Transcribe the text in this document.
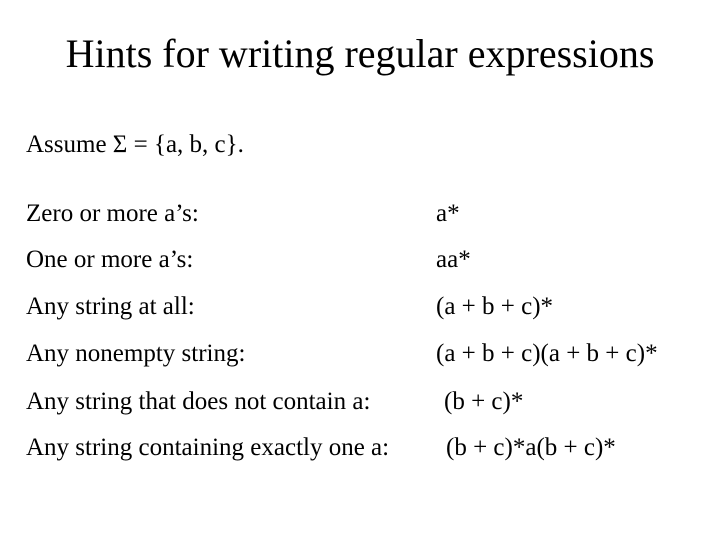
Hints for writing regular expressions
Assume Σ = {a, b, c}.
Zero or more a’s:	a*
One or more a’s:	aa*
Any string at all:	(a + b + c)*
Any nonempty string:	(a + b + c)(a + b + c)*
Any string that does not contain a:	(b + c)*
Any string containing exactly one a: (b + c)*a(b + c)*
